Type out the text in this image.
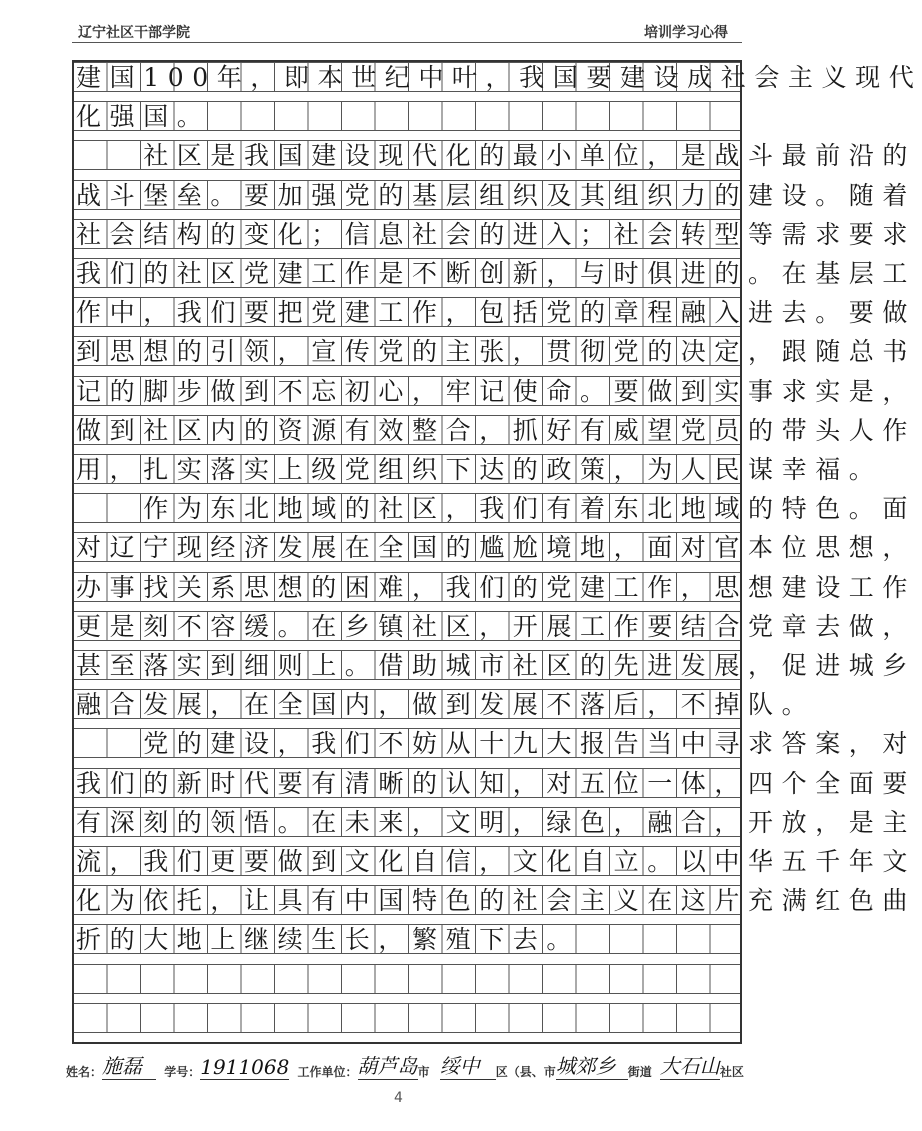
辽宁社区干部学院	培训学习心得
建国100年，即本世纪中叶，我国要建设成社会主义现代
化强国。
　　社区是我国建设现代化的最小单位，是战斗最前沿的
战斗堡垒。要加强党的基层组织及其组织力的建设。随着
社会结构的变化；信息社会的进入；社会转型等需求要求
我们的社区党建工作是不断创新，与时俱进的。在基层工
作中，我们要把党建工作，包括党的章程融入进去。要做
到思想的引领，宣传党的主张，贯彻党的决定，跟随总书
记的脚步做到不忘初心，牢记使命。要做到实事求实是，
做到社区内的资源有效整合，抓好有威望党员的带头人作
用，扎实落实上级党组织下达的政策，为人民谋幸福。
　　作为东北地域的社区，我们有着东北地域的特色。面
对辽宁现经济发展在全国的尴尬境地，面对官本位思想，
办事找关系思想的困难，我们的党建工作，思想建设工作
更是刻不容缓。在乡镇社区，开展工作要结合党章去做，
甚至落实到细则上。借助城市社区的先进发展，促进城乡
融合发展，在全国内，做到发展不落后，不掉队。
　　党的建设，我们不妨从十九大报告当中寻求答案，对
我们的新时代要有清晰的认知，对五位一体，四个全面要
有深刻的领悟。在未来，文明，绿色，融合，开放，是主
流，我们更要做到文化自信，文化自立。以中华五千年文
化为依托，让具有中国特色的社会主义在这片充满红色曲
折的大地上继续生长，繁殖下去。
姓名：施磊 学号：1911068 工作单位：葫芦岛市 绥中 区（县、市城郊乡 街道 大石山社区
4
